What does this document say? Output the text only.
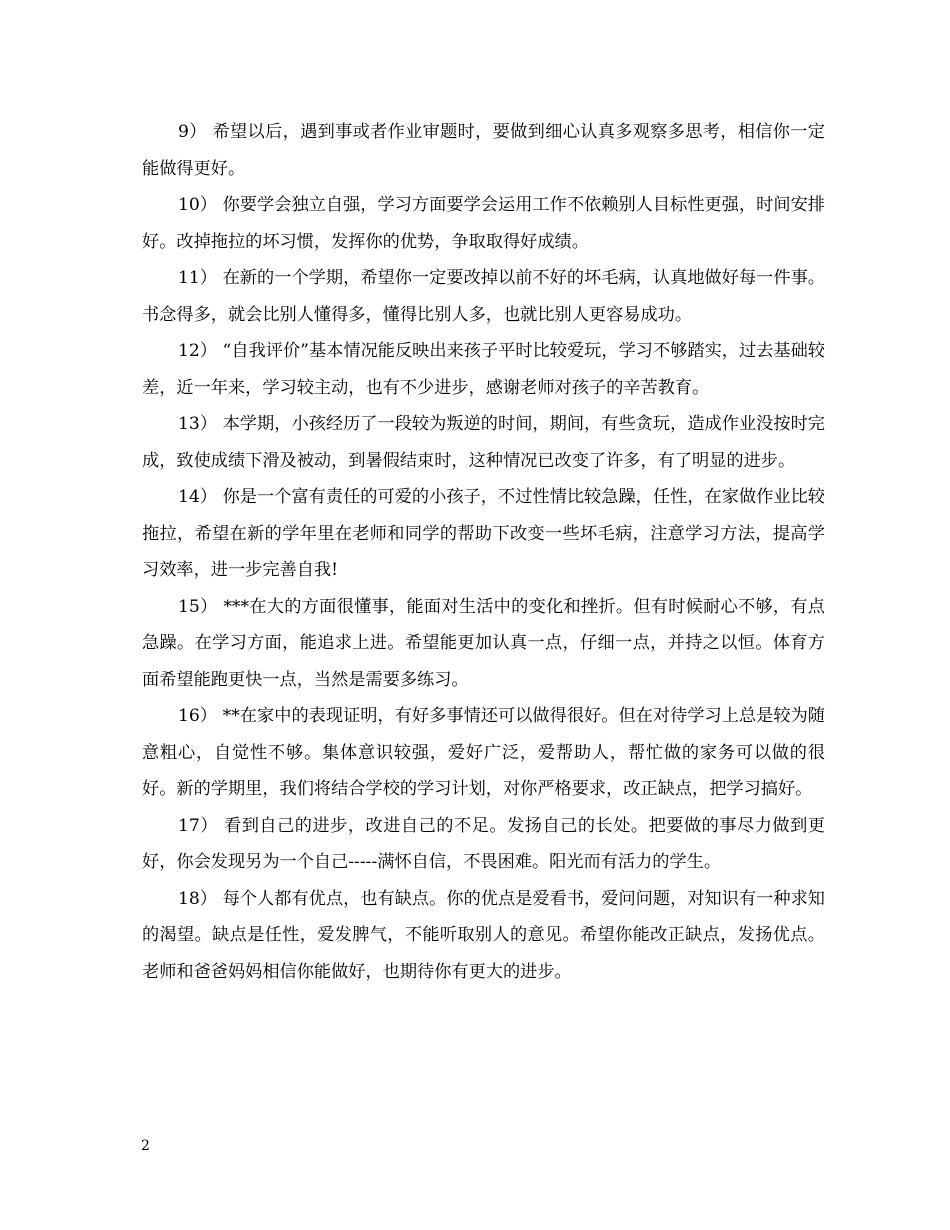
9） 希望以后，遇到事或者作业审题时，要做到细心认真多观察多思考，相信你一定能做得更好。

10） 你要学会独立自强，学习方面要学会运用工作不依赖别人目标性更强，时间安排好。改掉拖拉的坏习惯，发挥你的优势，争取取得好成绩。

11） 在新的一个学期，希望你一定要改掉以前不好的坏毛病，认真地做好每一件事。书念得多，就会比别人懂得多，懂得比别人多，也就比别人更容易成功。

12） “自我评价”基本情况能反映出来孩子平时比较爱玩，学习不够踏实，过去基础较差，近一年来，学习较主动，也有不少进步，感谢老师对孩子的辛苦教育。

13） 本学期，小孩经历了一段较为叛逆的时间，期间，有些贪玩，造成作业没按时完成，致使成绩下滑及被动，到暑假结束时，这种情况已改变了许多，有了明显的进步。

14） 你是一个富有责任的可爱的小孩子，不过性情比较急躁，任性，在家做作业比较拖拉，希望在新的学年里在老师和同学的帮助下改变一些坏毛病，注意学习方法，提高学习效率，进一步完善自我!

15） ***在大的方面很懂事，能面对生活中的变化和挫折。但有时候耐心不够，有点急躁。在学习方面，能追求上进。希望能更加认真一点，仔细一点，并持之以恒。体育方面希望能跑更快一点，当然是需要多练习。

16） **在家中的表现证明，有好多事情还可以做得很好。但在对待学习上总是较为随意粗心，自觉性不够。集体意识较强，爱好广泛，爱帮助人，帮忙做的家务可以做的很好。新的学期里，我们将结合学校的学习计划，对你严格要求，改正缺点，把学习搞好。

17） 看到自己的进步，改进自己的不足。发扬自己的长处。把要做的事尽力做到更好，你会发现另为一个自己-----满怀自信，不畏困难。阳光而有活力的学生。

18） 每个人都有优点，也有缺点。你的优点是爱看书，爱问问题，对知识有一种求知的渴望。缺点是任性，爱发脾气，不能听取别人的意见。希望你能改正缺点，发扬优点。老师和爸爸妈妈相信你能做好，也期待你有更大的进步。

2
